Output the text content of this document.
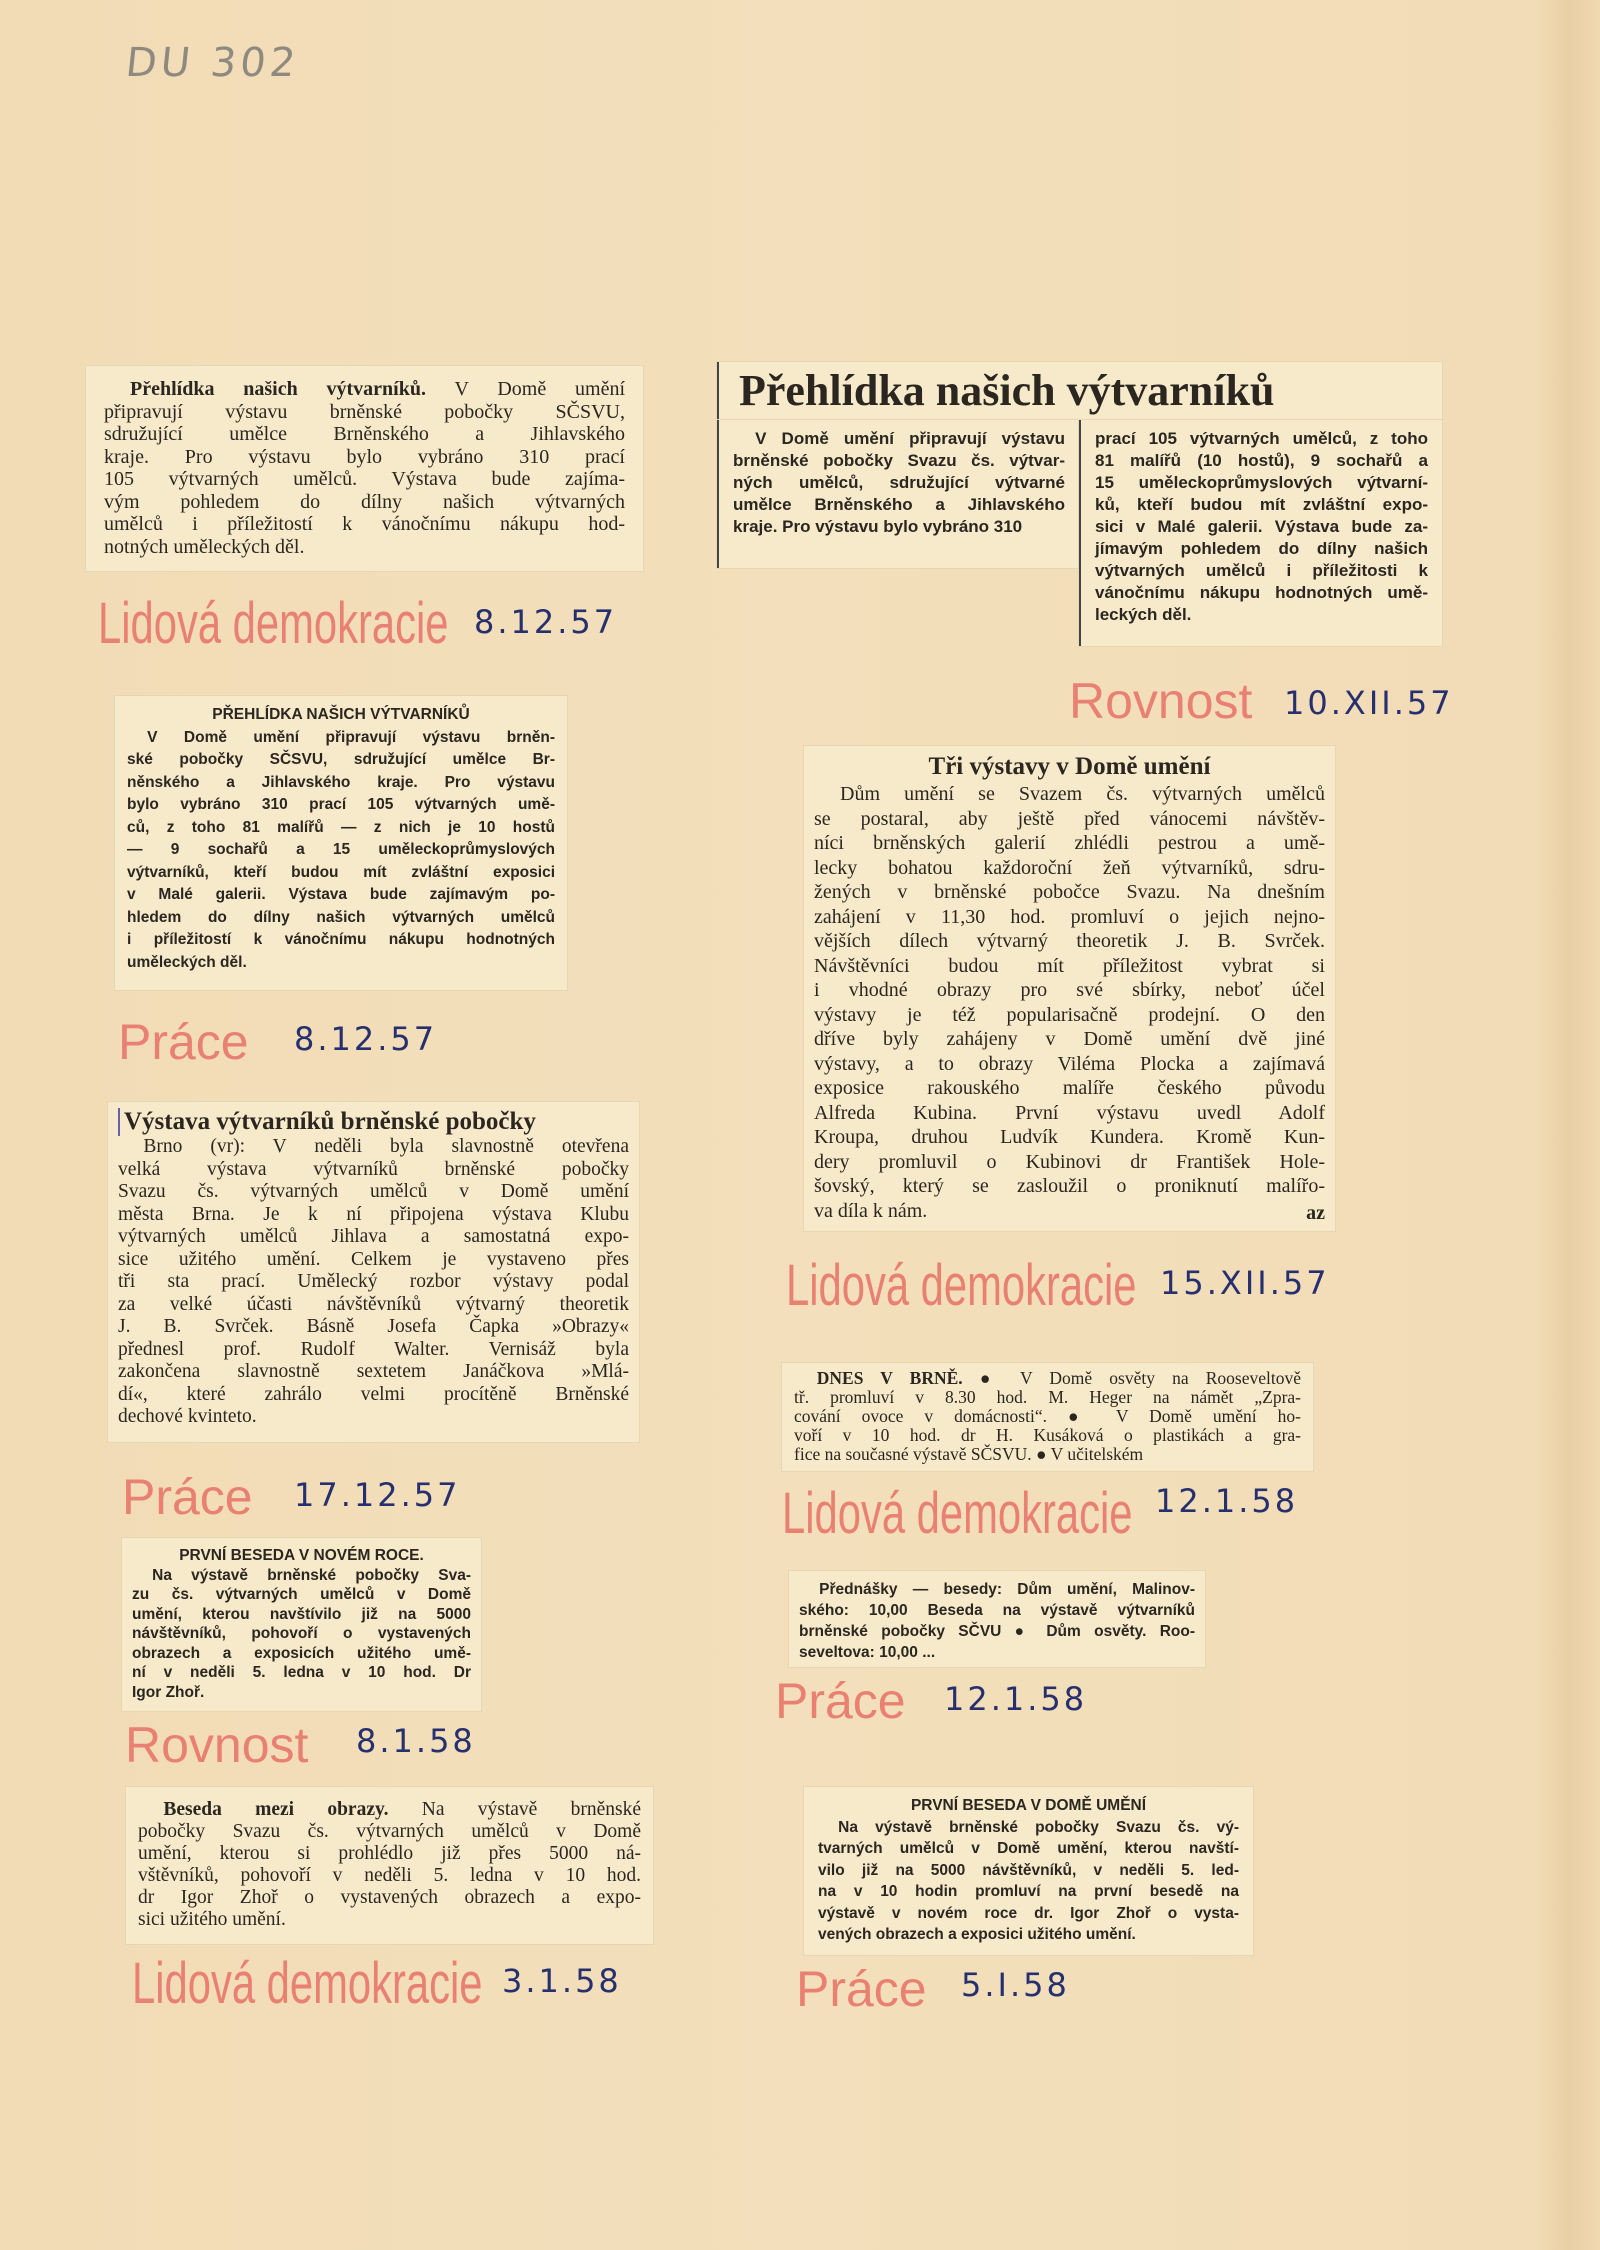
DU 302
Přehlídka našich výtvarníků. V Domě umění
připravují výstavu brněnské pobočky SČSVU,
sdružující umělce Brněnského a Jihlavského
kraje. Pro výstavu bylo vybráno 310 prací
105 výtvarných umělců. Výstava bude zajíma-
vým pohledem do dílny našich výtvarných
umělců i příležitostí k vánočnímu nákupu hod-
notných uměleckých děl.
Přehlídka našich výtvarníků
V Domě umění připravují výstavu
brněnské pobočky Svazu čs. výtvar-
ných umělců, sdružující výtvarné
umělce Brněnského a Jihlavského
kraje. Pro výstavu bylo vybráno 310
prací 105 výtvarných umělců, z toho
81 malířů (10 hostů), 9 sochařů a
15 uměleckoprůmyslových výtvarní-
ků, kteří budou mít zvláštní expo-
sici v Malé galerii. Výstava bude za-
jímavým pohledem do dílny našich
výtvarných umělců i příležitosti k
vánočnímu nákupu hodnotných umě-
leckých děl.
PŘEHLÍDKA NAŠICH VÝTVARNÍKŮ
V Domě umění připravují výstavu brněn-
ské pobočky SČSVU, sdružující umělce Br-
něnského a Jihlavského kraje. Pro výstavu
bylo vybráno 310 prací 105 výtvarných umě-
ců, z toho 81 malířů — z nich je 10 hostů
— 9 sochařů a 15 uměleckoprůmyslových
výtvarníků, kteří budou mít zvláštní exposici
v Malé galerii. Výstava bude zajímavým po-
hledem do dílny našich výtvarných umělců
i příležitostí k vánočnímu nákupu hodnotných
uměleckých děl.
Výstava výtvarníků brněnské pobočky
Brno (vr): V neděli byla slavnostně otevřena
velká výstava výtvarníků brněnské pobočky
Svazu čs. výtvarných umělců v Domě umění
města Brna. Je k ní připojena výstava Klubu
výtvarných umělců Jihlava a samostatná expo-
sice užitého umění. Celkem je vystaveno přes
tři sta prací. Umělecký rozbor výstavy podal
za velké účasti návštěvníků výtvarný theoretik
J. B. Svrček. Básně Josefa Čapka »Obrazy«
přednesl prof. Rudolf Walter. Vernisáž byla
zakončena slavnostně sextetem Janáčkova »Mlá-
dí«, které zahrálo velmi procítěně Brněnské
dechové kvinteto.
PRVNÍ BESEDA V NOVÉM ROCE.
Na výstavě brněnské pobočky Sva-
zu čs. výtvarných umělců v Domě
umění, kterou navštívilo již na 5000
návštěvníků, pohovoří o vystavených
obrazech a exposicích užitého umě-
ní v neděli 5. ledna v 10 hod. Dr
Igor Zhoř.
Beseda mezi obrazy. Na výstavě brněnské
pobočky Svazu čs. výtvarných umělců v Domě
umění, kterou si prohlédlo již přes 5000 ná-
vštěvníků, pohovoří v neděli 5. ledna v 10 hod.
dr Igor Zhoř o vystavených obrazech a expo-
sici užitého umění.
Tři výstavy v Domě umění
Dům umění se Svazem čs. výtvarných umělců
se postaral, aby ještě před vánocemi návštěv-
níci brněnských galerií zhlédli pestrou a umě-
lecky bohatou každoroční žeň výtvarníků, sdru-
žených v brněnské pobočce Svazu. Na dnešním
zahájení v 11,30 hod. promluví o jejich nejno-
vějších dílech výtvarný theoretik J. B. Svrček.
Návštěvníci budou mít příležitost vybrat si
i vhodné obrazy pro své sbírky, neboť účel
výstavy je též popularisačně prodejní. O den
dříve byly zahájeny v Domě umění dvě jiné
výstavy, a to obrazy Viléma Plocka a zajímavá
exposice rakouského malíře českého původu
Alfreda Kubina. První výstavu uvedl Adolf
Kroupa, druhou Ludvík Kundera. Kromě Kun-
dery promluvil o Kubinovi dr František Hole-
šovský, který se zasloužil o proniknutí malířo-
va díla k nám.	az
DNES V BRNĚ. ● V Domě osvěty na Rooseveltově
tř. promluví v 8.30 hod. M. Heger na námět „Zpra-
cování ovoce v domácnosti“. ● V Domě umění ho-
voří v 10 hod. dr H. Kusáková o plastikách a gra-
fice na současné výstavě SČSVU. ● V učitelském
Přednášky — besedy: Dům umění, Malinov-
ského: 10,00 Beseda na výstavě výtvarníků
brněnské pobočky SČVU ● Dům osvěty. Roo-
seveltova: 10,00 ...
PRVNÍ BESEDA V DOMĚ UMĚNÍ
Na výstavě brněnské pobočky Svazu čs. vý-
tvarných umělců v Domě umění, kterou navští-
vilo již na 5000 návštěvníků, v neděli 5. led-
na v 10 hodin promluví na první besedě na
výstavě v novém roce dr. Igor Zhoř o vysta-
vených obrazech a exposici užitého umění.
Lidová demokracie 8.12.57
Rovnost 10.XII.57
Práce 8.12.57
Práce 17.12.57
Rovnost 8.1.58
Lidová demokracie 3.1.58
Lidová demokracie 15.XII.57
Lidová demokracie 12.1.58
Práce 12.1.58
Práce 5.I.58
